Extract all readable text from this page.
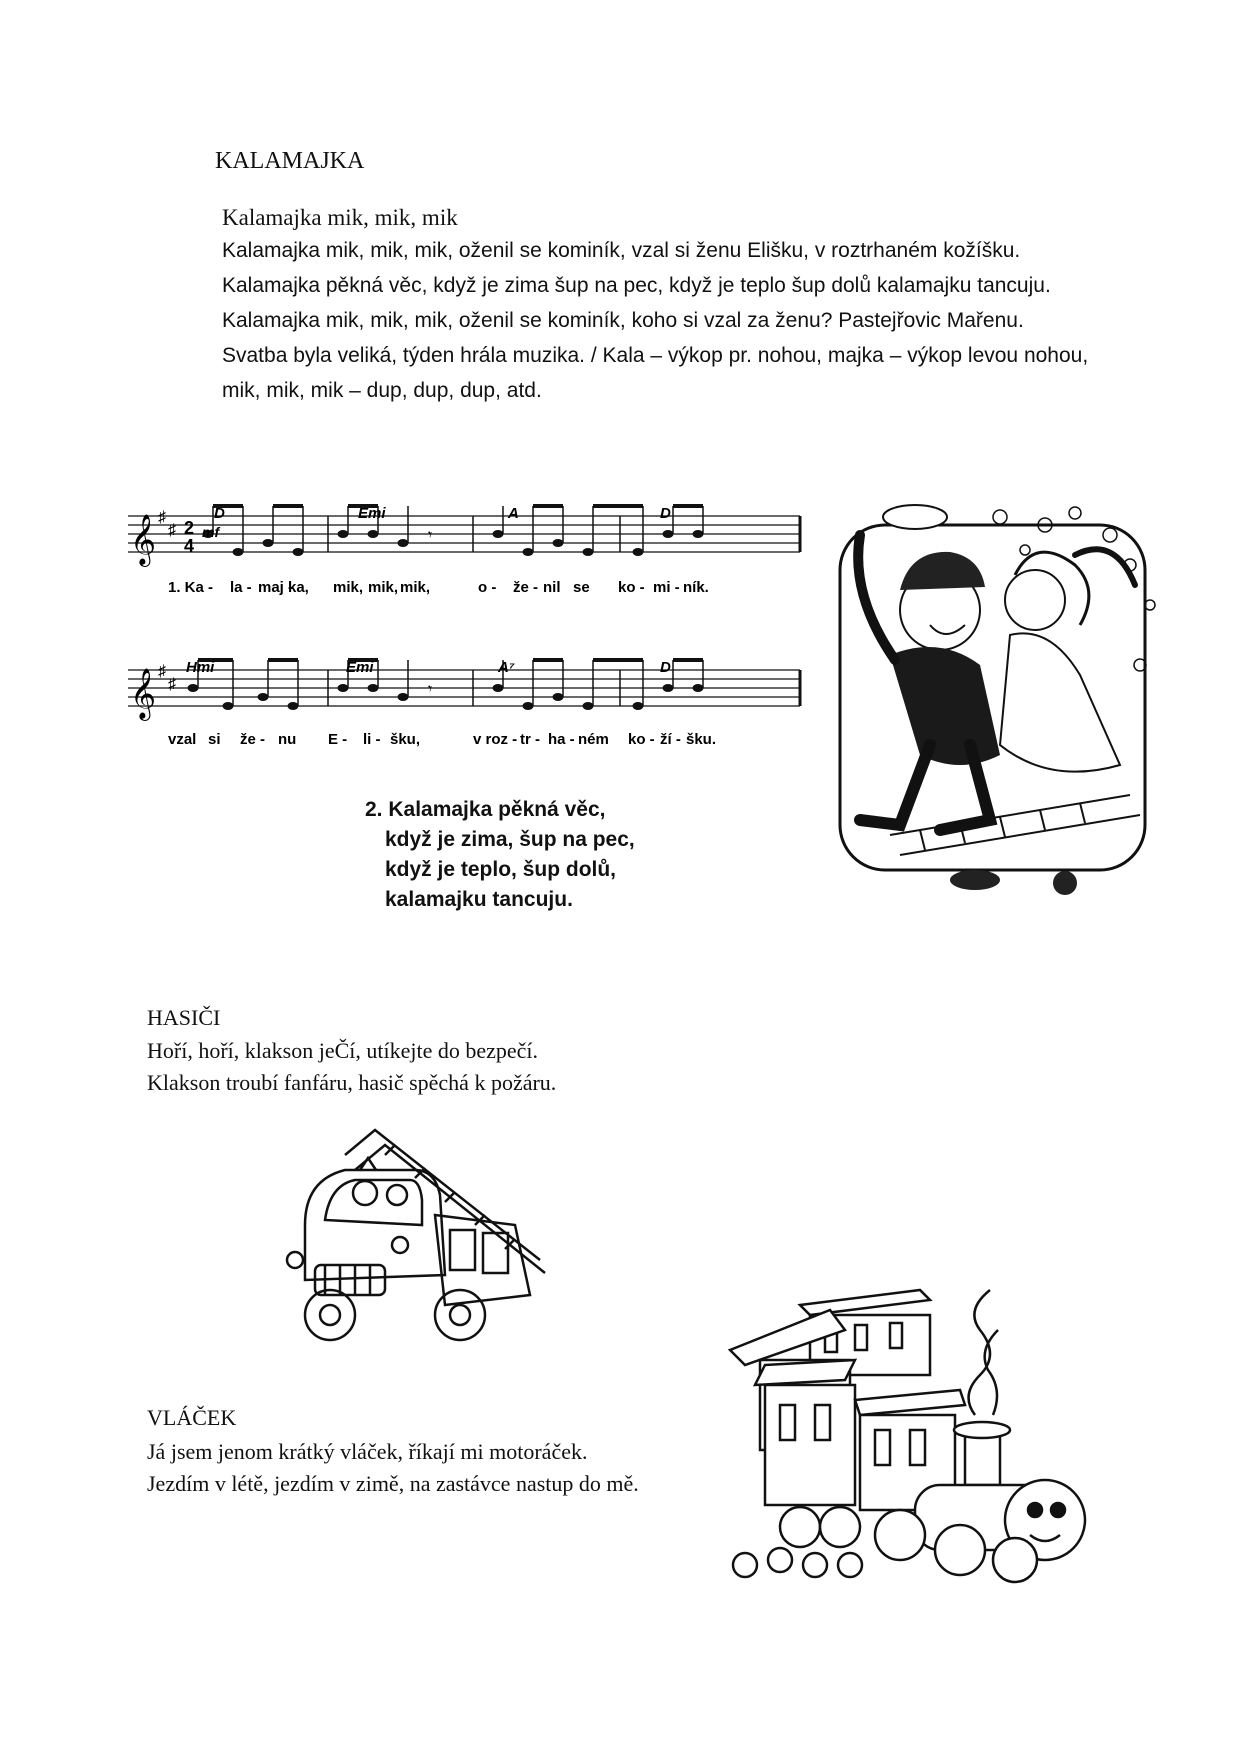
KALAMAJKA
Kalamajka mik, mik, mik
Kalamajka mik, mik, mik, oženil se kominík, vzal si ženu Elišku, v roztrhaném kožíšku.
Kalamajka pěkná věc, když je zima šup na pec, když je teplo šup dolů kalamajku tancuju.
Kalamajka mik, mik, mik, oženil se kominík, koho si vzal za ženu? Pastejřovic Mařenu.
Svatba byla veliká, týden hrála muzika. / Kala – výkop pr. nohou, majka – výkop levou nohou, mik, mik, mik – dup, dup, dup, atd.
𝄞 ♯
♯ 2
4
𝄾
𝄞 ♯
♯	𝄾
mf
D	Emi	A	D
Hmi	Emi	A⁷	D
1. Ka - la - maj -
ka, mik, mik, mik,	o - že - nil se ko - mi - ník.
vzal si že - nu E - li - šku,	v roz - tr - ha - ném ko - ží - šku.
2. Kalamajka pěkná věc,
když je zima, šup na pec,
když je teplo, šup dolů,
kalamajku tancuju.
HASIČI
Hoří, hoří, klakson jeČí, utíkejte do bezpečí.
Klakson troubí fanfáru, hasič spěchá k požáru.
VLÁČEK
Já jsem jenom krátký vláček, říkají mi motoráček.
Jezdím v létě, jezdím v zimě, na zastávce nastup do mě.
